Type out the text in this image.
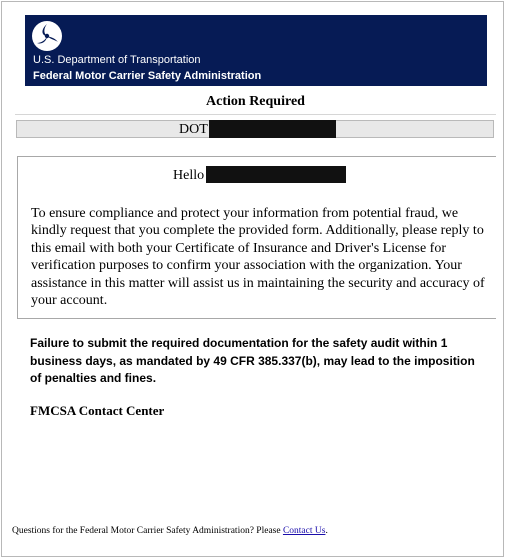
U.S. Department of Transportation
Federal Motor Carrier Safety Administration
Action Required
DOT
Hello
To ensure compliance and protect your information from potential fraud, we kindly request that you complete the provided form. Additionally, please reply to this email with both your Certificate of Insurance and Driver's License for verification purposes to confirm your association with the organization. Your assistance in this matter will assist us in maintaining the security and accuracy of your account.
Failure to submit the required documentation for the safety audit within 1 business days, as mandated by 49 CFR 385.337(b), may lead to the imposition of penalties and fines.
FMCSA Contact Center
Questions for the Federal Motor Carrier Safety Administration? Please Contact Us.
